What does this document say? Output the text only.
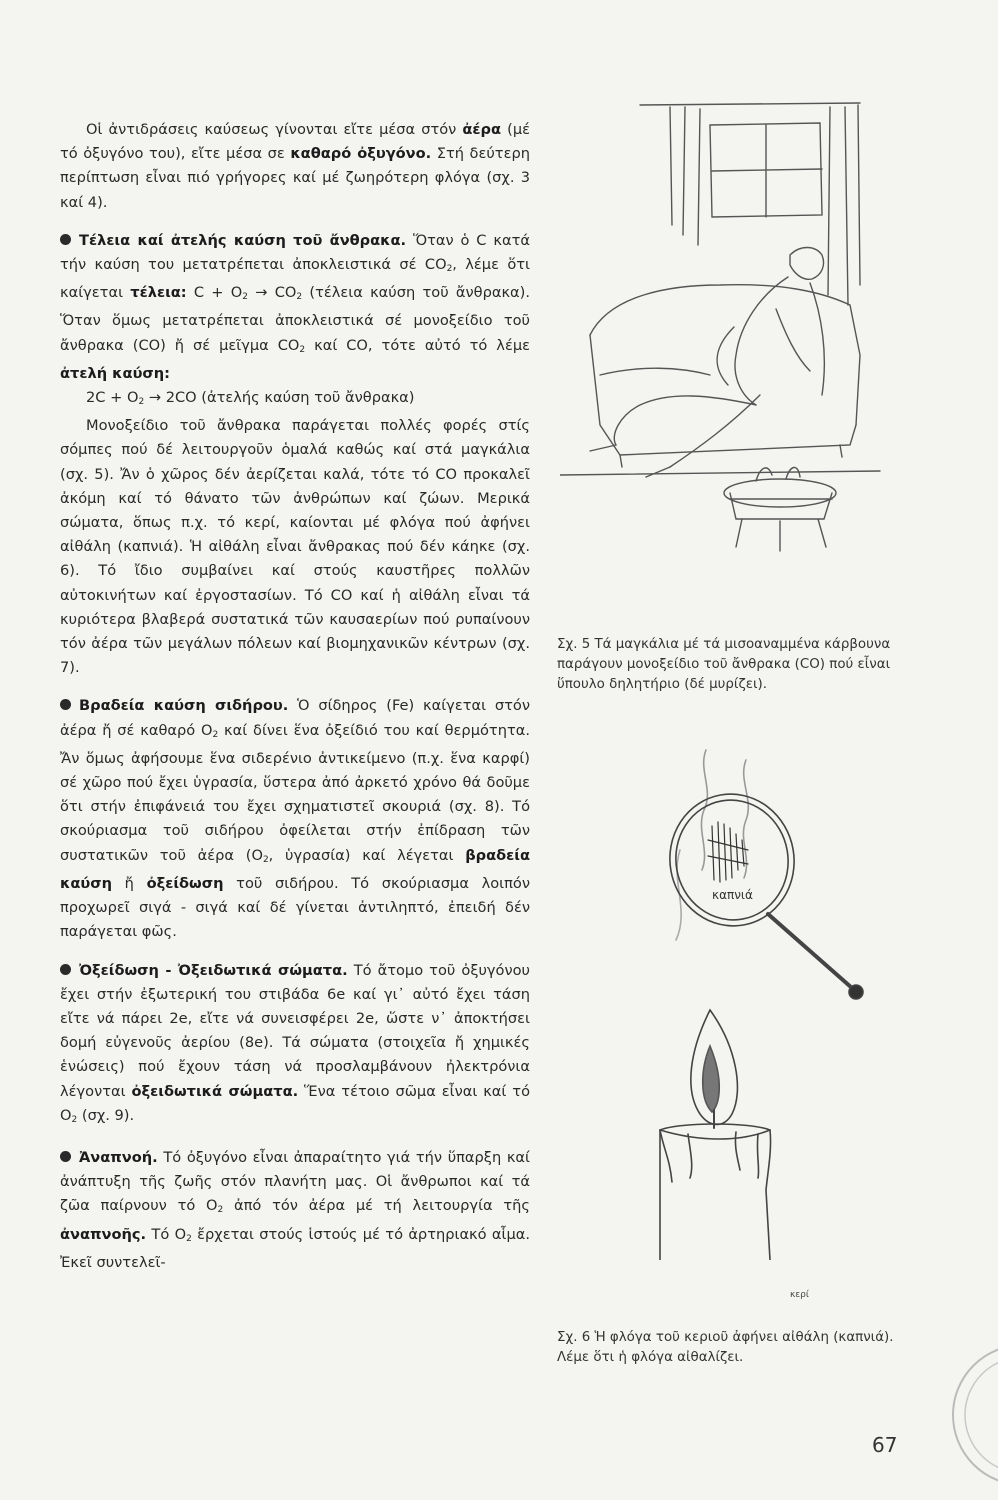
Οἱ ἀντιδράσεις καύσεως γίνονται εἴτε μέσα στόν ἀέρα (μέ τό ὀξυγόνο του), εἴτε μέσα σε καθαρό ὀξυγόνο. Στή δεύτερη περίπτωση εἶναι πιό γρήγορες καί μέ ζωηρότερη φλόγα (σχ. 3 καί 4).

Τέλεια καί ἀτελής καύση τοῦ ἄνθρακα. Ὅταν ὁ C κατά τήν καύση του μετατρέπεται ἀποκλειστικά σέ $CO_2$, λέμε ὅτι καίγεται τέλεια: $C + O_2 \to CO_2$ (τέλεια καύση τοῦ ἄνθρακα). Ὅταν ὅμως μετατρέπεται ἀποκλειστικά σέ μονοξείδιο τοῦ ἄνθρακα (CO) ἤ σέ μεῖγμα $CO_2$ καί CO, τότε αὐτό τό λέμε ἀτελή καύση:

$2C + O_2 \to 2CO$ (ἀτελής καύση τοῦ ἄνθρακα)

Μονοξείδιο τοῦ ἄνθρακα παράγεται πολλές φορές στίς σόμπες πού δέ λειτουργοῦν ὁμαλά καθώς καί στά μαγκάλια (σχ. 5). Ἄν ὁ χῶρος δέν ἀερίζεται καλά, τότε τό CO προκαλεῖ ἀκόμη καί τό θάνατο τῶν ἀνθρώπων καί ζώων. Μερικά σώματα, ὅπως π.χ. τό κερί, καίονται μέ φλόγα πού ἀφήνει αἰθάλη (καπνιά). Ἡ αἰθάλη εἶναι ἄνθρακας πού δέν κάηκε (σχ. 6). Τό ἴδιο συμβαίνει καί στούς καυστῆρες πολλῶν αὐτοκινήτων καί ἐργοστασίων. Τό CO καί ἡ αἰθάλη εἶναι τά κυριότερα βλαβερά συστατικά τῶν καυσαερίων πού ρυπαίνουν τόν ἀέρα τῶν μεγάλων πόλεων καί βιομηχανικῶν κέντρων (σχ. 7).

Βραδεία καύση σιδήρου. Ὁ σίδηρος (Fe) καίγεται στόν ἀέρα ἤ σέ καθαρό $O_2$ καί δίνει ἕνα ὀξείδιό του καί θερμότητα. Ἄν ὅμως ἀφήσουμε ἕνα σιδερένιο ἀντικείμενο (π.χ. ἕνα καρφί) σέ χῶρο πού ἔχει ὑγρασία, ὕστερα ἀπό ἀρκετό χρόνο θά δοῦμε ὅτι στήν ἐπιφάνειά του ἔχει σχηματιστεῖ σκουριά (σχ. 8). Τό σκούριασμα τοῦ σιδήρου ὀφείλεται στήν ἐπίδραση τῶν συστατικῶν τοῦ ἀέρα ($O_2$, ὑγρασία) καί λέγεται βραδεία καύση ἤ ὀξείδωση τοῦ σιδήρου. Τό σκούριασμα λοιπόν προχωρεῖ σιγά - σιγά καί δέ γίνεται ἀντιληπτό, ἐπειδή δέν παράγεται φῶς.

Ὀξείδωση - Ὀξειδωτικά σώματα. Τό ἄτομο τοῦ ὀξυγόνου ἔχει στήν ἐξωτερική του στιβάδα 6e καί γι᾿ αὐτό ἔχει τάση εἴτε νά πάρει 2e, εἴτε νά συνεισφέρει 2e, ὥστε ν᾿ ἀποκτήσει δομή εὐγενοῦς ἀερίου (8e). Τά σώματα (στοιχεῖα ἤ χημικές ἑνώσεις) πού ἔχουν τάση νά προσλαμβάνουν ἠλεκτρόνια λέγονται ὀξειδωτικά σώματα. Ἕνα τέτοιο σῶμα εἶναι καί τό $O_2$ (σχ. 9).

Ἀναπνοή. Τό ὀξυγόνο εἶναι ἀπαραίτητο γιά τήν ὕπαρξη καί ἀνάπτυξη τῆς ζωῆς στόν πλανήτη μας. Οἱ ἄνθρωποι καί τά ζῶα παίρνουν τό $O_2$ ἀπό τόν ἀέρα μέ τή λειτουργία τῆς ἀναπνοῆς. Τό $O_2$ ἔρχεται στούς ἱστούς μέ τό ἀρτηριακό αἷμα. Ἐκεῖ συντελεῖ-

Σχ. 5 Τά μαγκάλια μέ τά μισοαναμμένα κάρβουνα παράγουν μονοξείδιο τοῦ ἄνθρακα (CO) πού εἶναι ὕπουλο δηλητήριο (δέ μυρίζει).
καπνιά
κερί
Σχ. 6 Ἡ φλόγα τοῦ κεριοῦ ἀφήνει αἰθάλη (καπνιά). Λέμε ὅτι ἡ φλόγα αἰθαλίζει.
67
